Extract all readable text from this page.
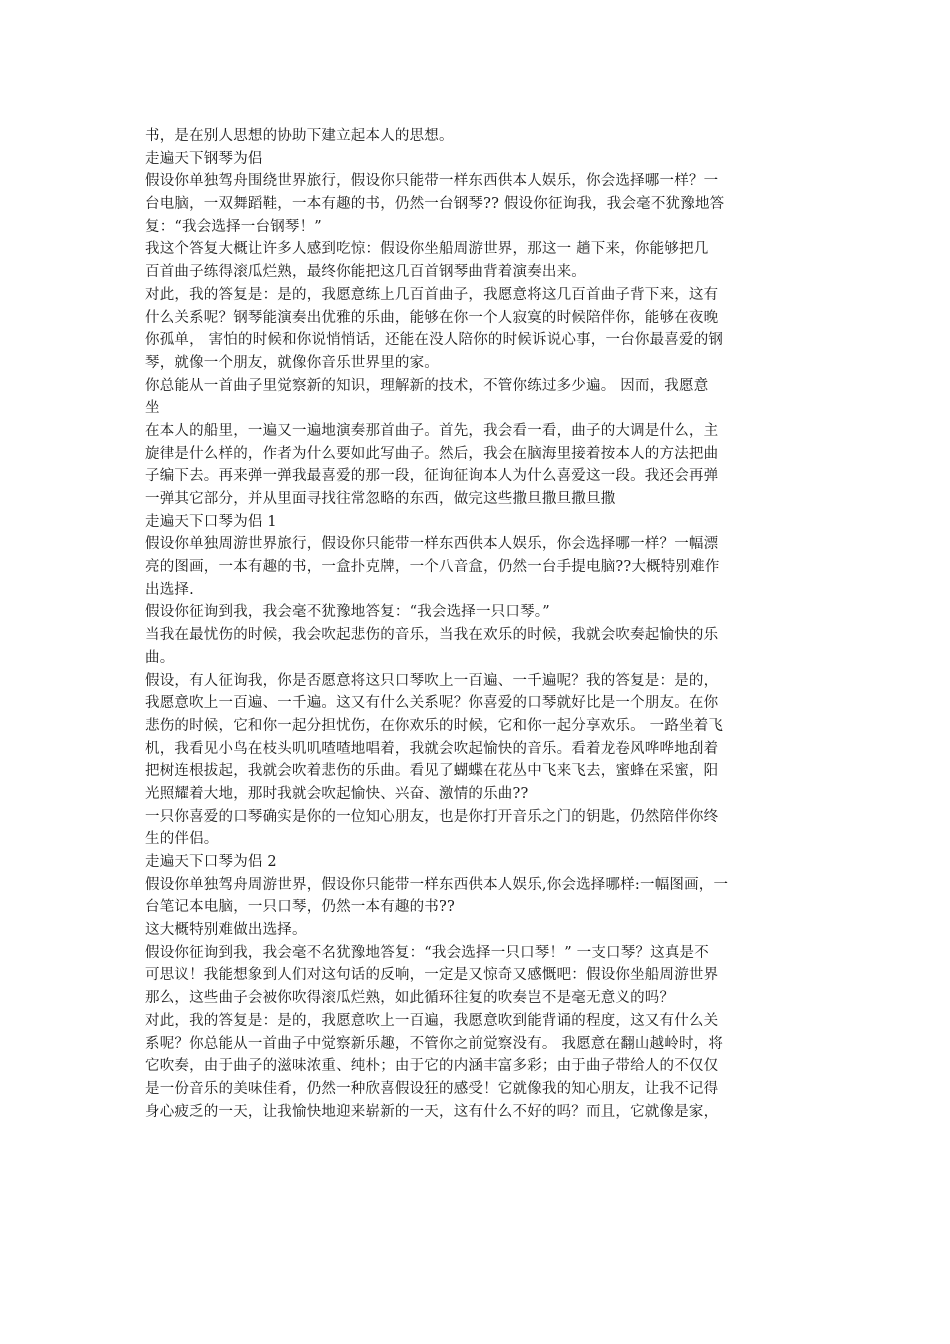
书，是在别人思想的协助下建立起本人的思想。
走遍天下钢琴为侣
假设你单独驾舟围绕世界旅行，假设你只能带一样东西供本人娱乐，你会选择哪一样？一
台电脑，一双舞蹈鞋，一本有趣的书，仍然一台钢琴?? 假设你征询我，我会毫不犹豫地答
复：“我会选择一台钢琴！”
我这个答复大概让许多人感到吃惊：假设你坐船周游世界，那这一 趟下来，你能够把几
百首曲子练得滚瓜烂熟，最终你能把这几百首钢琴曲背着演奏出来。
对此，我的答复是：是的，我愿意练上几百首曲子，我愿意将这几百首曲子背下来，这有
什么关系呢？钢琴能演奏出优雅的乐曲，能够在你一个人寂寞的时候陪伴你，能够在夜晚
你孤单， 害怕的时候和你说悄悄话，还能在没人陪你的时候诉说心事，一台你最喜爱的钢
琴，就像一个朋友，就像你音乐世界里的家。
你总能从一首曲子里觉察新的知识，理解新的技术，不管你练过多少遍。 因而，我愿意
坐
在本人的船里，一遍又一遍地演奏那首曲子。首先，我会看一看，曲子的大调是什么，主
旋律是什么样的，作者为什么要如此写曲子。然后，我会在脑海里接着按本人的方法把曲
子编下去。再来弹一弹我最喜爱的那一段，征询征询本人为什么喜爱这一段。我还会再弹
一弹其它部分，并从里面寻找往常忽略的东西，做完这些撒旦撒旦撒旦撒
走遍天下口琴为侣 1
假设你单独周游世界旅行，假设你只能带一样东西供本人娱乐，你会选择哪一样？一幅漂
亮的图画，一本有趣的书，一盒扑克牌，一个八音盒，仍然一台手提电脑??大概特别难作
出选择.
假设你征询到我，我会毫不犹豫地答复：“我会选择一只口琴。”
当我在最忧伤的时候，我会吹起悲伤的音乐，当我在欢乐的时候，我就会吹奏起愉快的乐
曲。
假设，有人征询我，你是否愿意将这只口琴吹上一百遍、一千遍呢？我的答复是：是的，
我愿意吹上一百遍、一千遍。这又有什么关系呢？你喜爱的口琴就好比是一个朋友。在你
悲伤的时候，它和你一起分担忧伤，在你欢乐的时候，它和你一起分享欢乐。 一路坐着飞
机，我看见小鸟在枝头叽叽喳喳地唱着，我就会吹起愉快的音乐。看着龙卷风哗哗地刮着
把树连根拔起，我就会吹着悲伤的乐曲。看见了蝴蝶在花丛中飞来飞去，蜜蜂在采蜜，阳
光照耀着大地，那时我就会吹起愉快、兴奋、激情的乐曲??
一只你喜爱的口琴确实是你的一位知心朋友，也是你打开音乐之门的钥匙，仍然陪伴你终
生的伴侣。
走遍天下口琴为侣 2
假设你单独驾舟周游世界，假设你只能带一样东西供本人娱乐,你会选择哪样:一幅图画，一
台笔记本电脑，一只口琴，仍然一本有趣的书??
这大概特别难做出选择。
假设你征询到我，我会毫不名犹豫地答复：“我会选择一只口琴！” 一支口琴？这真是不
可思议！我能想象到人们对这句话的反响，一定是又惊奇又感慨吧：假设你坐船周游世界
那么，这些曲子会被你吹得滚瓜烂熟，如此循环往复的吹奏岂不是毫无意义的吗？
对此，我的答复是：是的，我愿意吹上一百遍，我愿意吹到能背诵的程度，这又有什么关
系呢？你总能从一首曲子中觉察新乐趣，不管你之前觉察没有。 我愿意在翻山越岭时，将
它吹奏，由于曲子的滋味浓重、纯朴；由于它的内涵丰富多彩；由于曲子带给人的不仅仅
是一份音乐的美味佳肴，仍然一种欣喜假设狂的感受！它就像我的知心朋友，让我不记得
身心疲乏的一天，让我愉快地迎来崭新的一天，这有什么不好的吗？而且，它就像是家，
